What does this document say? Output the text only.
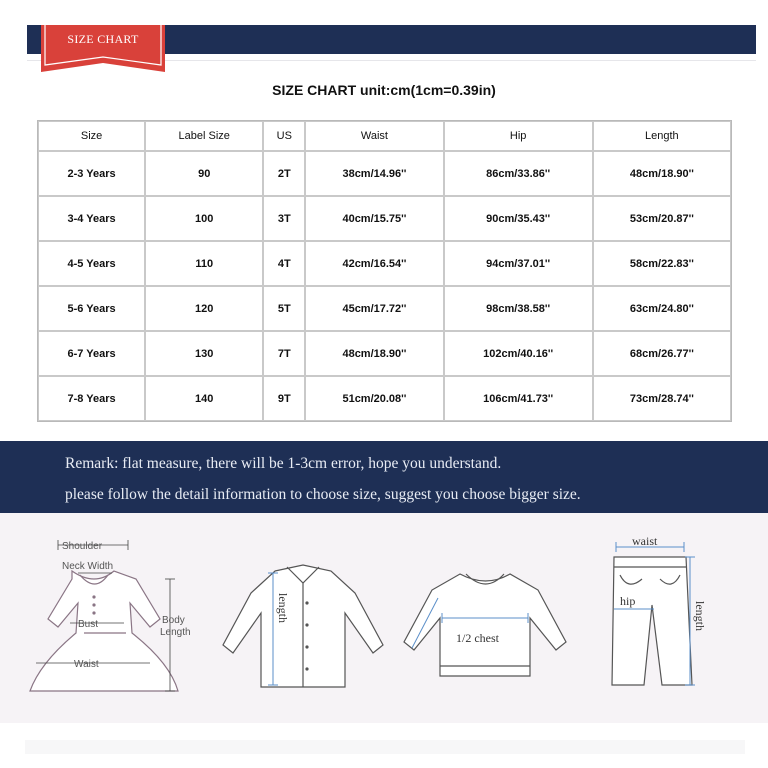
SIZE CHART
SIZE CHART unit:cm(1cm=0.39in)
Size	Label Size	US	Waist	Hip	Length
2-3 Years	90	2T	38cm/14.96''	86cm/33.86''	48cm/18.90''
3-4 Years	100	3T	40cm/15.75''	90cm/35.43''	53cm/20.87''
4-5 Years	110	4T	42cm/16.54''	94cm/37.01''	58cm/22.83''
5-6 Years	120	5T	45cm/17.72''	98cm/38.58''	63cm/24.80''
6-7 Years	130	7T	48cm/18.90''	102cm/40.16''	68cm/26.77''
7-8 Years	140	9T	51cm/20.08''	106cm/41.73''	73cm/28.74''
Remark: flat measure, there will be 1-3cm error, hope you understand.
please follow the detail information to choose size, suggest you choose bigger size.
Shoulder
Neck Width
Bust
Waist
Body
Length
length
1/2 chest
waist
hip	length
